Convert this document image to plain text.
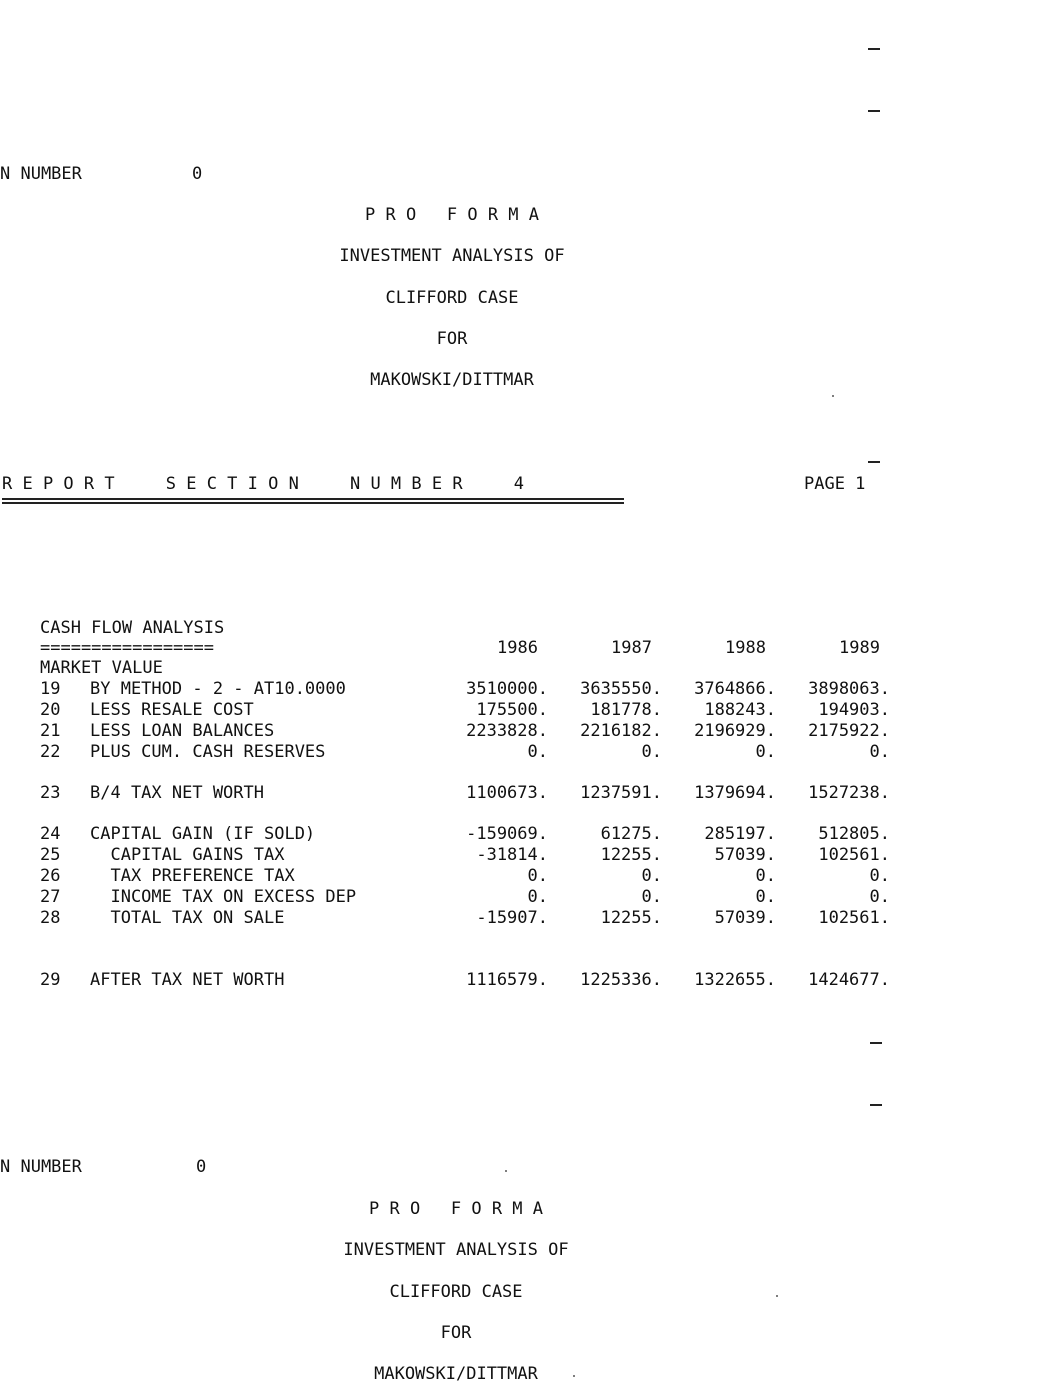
N NUMBER	0
P R O   F O R M A
INVESTMENT ANALYSIS OF
CLIFFORD CASE
FOR
MAKOWSKI/DITTMAR
R E P O R T     S E C T I O N     N U M B E R     4	PAGE 1
CASH FLOW ANALYSIS
=================	1986	1987	1988	1989
MARKET VALUE
19 BY METHOD - 2 - AT10.0000	3510000.	3635550.	3764866.	3898063.
20 LESS RESALE COST	175500.	181778.	188243.	194903.
21 LESS LOAN BALANCES	2233828.	2216182.	2196929.	2175922.
22 PLUS CUM. CASH RESERVES	0.	0.	0.	0.
23 B/4 TAX NET WORTH	1100673.	1237591.	1379694.	1527238.
24 CAPITAL GAIN (IF SOLD)	-159069.	61275.	285197.	512805.
25 CAPITAL GAINS TAX	-31814.	12255.	57039.	102561.
26 TAX PREFERENCE TAX	0.	0.	0.	0.
27 INCOME TAX ON EXCESS DEP	0.	0.	0.	0.
28 TOTAL TAX ON SALE	-15907.	12255.	57039.	102561.
29 AFTER TAX NET WORTH	1116579.	1225336.	1322655.	1424677.
N NUMBER	0
P R O   F O R M A
INVESTMENT ANALYSIS OF
CLIFFORD CASE
FOR
MAKOWSKI/DITTMAR
